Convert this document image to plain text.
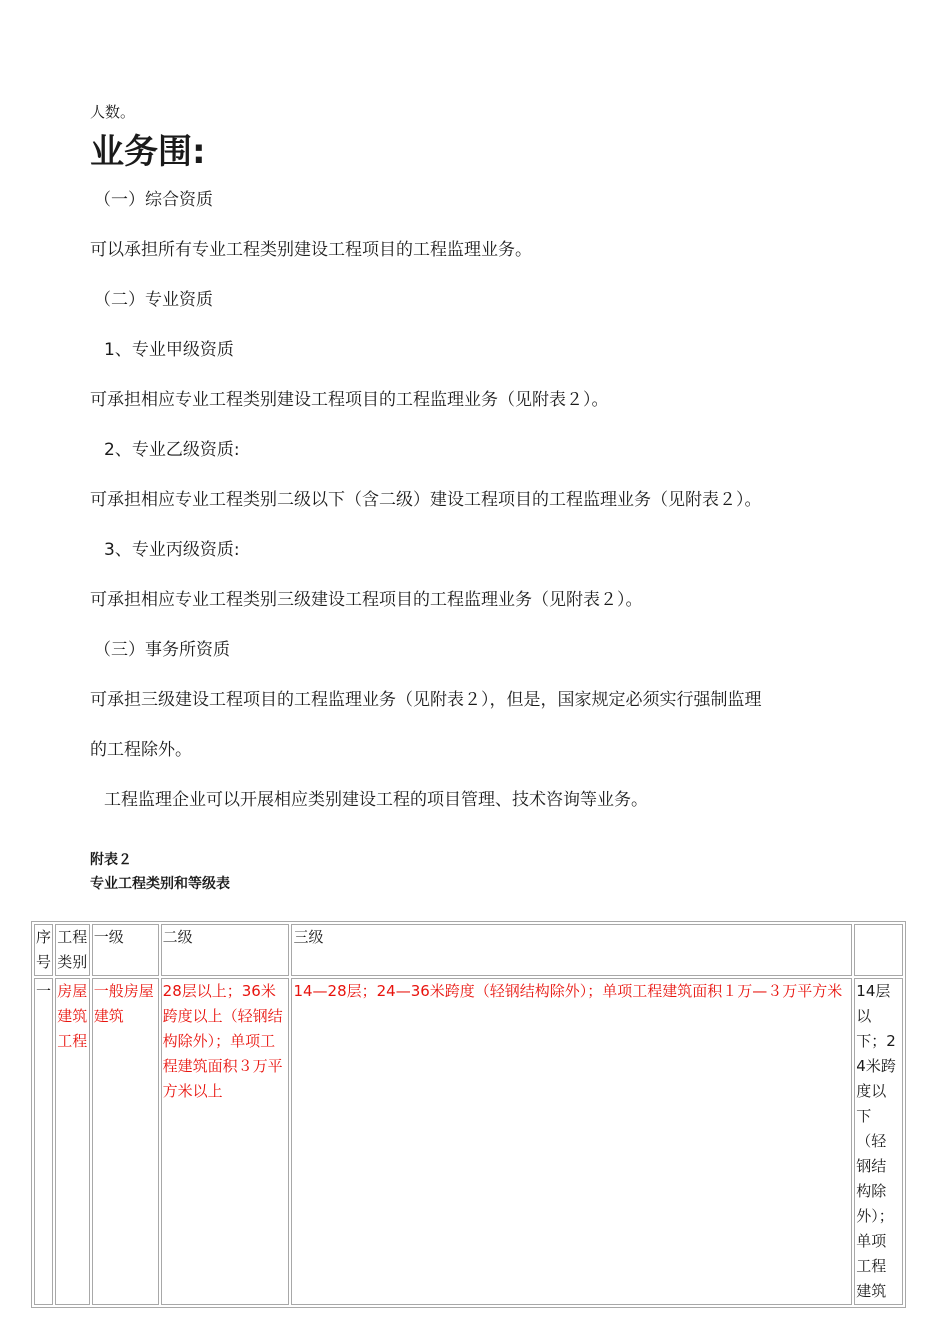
人数。
业务围:
（一）综合资质
可以承担所有专业工程类别建设工程项目的工程监理业务。
（二）专业资质
1、专业甲级资质
可承担相应专业工程类别建设工程项目的工程监理业务（见附表２）。
2、专业乙级资质:
可承担相应专业工程类别二级以下（含二级）建设工程项目的工程监理业务（见附表２）。
3、专业丙级资质:
可承担相应专业工程类别三级建设工程项目的工程监理业务（见附表２）。
（三）事务所资质
可承担三级建设工程项目的工程监理业务（见附表２），但是，国家规定必须实行强制监理
的工程除外。
工程监理企业可以开展相应类别建设工程的项目管理、技术咨询等业务。
附表２
专业工程类别和等级表
序号	工程类别	一级	二级	三级	
一	房屋建筑工程	一般房屋建筑	28层以上；36米跨度以上（轻钢结构除外）；单项工程建筑面积３万平方米以上	14—28层；24—36米跨度（轻钢结构除外）；单项工程建筑面积１万—３万平方米	14层以下；24米跨度以下（轻钢结构除外）；单项工程建筑
